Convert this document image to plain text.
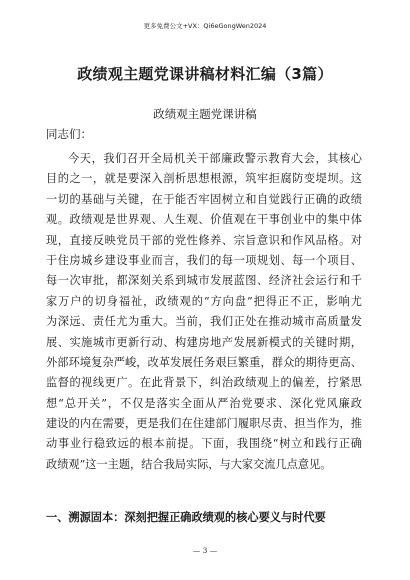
更多免费公文+VX：Qi6eGongWen2024
政绩观主题党课讲稿材料汇编（3篇）
政绩观主题党课讲稿
同志们：
今天，我们召开全局机关干部廉政警示教育大会，其核心
目的之一，就是要深入剖析思想根源，筑牢拒腐防变堤坝。这
一切的基础与关键，在于能否牢固树立和自觉践行正确的政绩
观。政绩观是世界观、人生观、价值观在干事创业中的集中体
现，直接反映党员干部的党性修养、宗旨意识和作风品格。对
于住房城乡建设事业而言，我们的每一项规划、每一个项目、
每一次审批，都深刻关系到城市发展蓝图、经济社会运行和千
家万户的切身福祉，政绩观的“方向盘”把得正不正，影响尤
为深远、责任尤为重大。当前，我们正处在推动城市高质量发
展、实施城市更新行动、构建房地产发展新模式的关键时期，
外部环境复杂严峻，改革发展任务艰巨繁重，群众的期待更高、
监督的视线更广。在此背景下，纠治政绩观上的偏差，拧紧思
想“总开关”，不仅是落实全面从严治党要求、深化党风廉政
建设的内在需要，更是我们在住建部门履职尽责、担当作为，推
动事业行稳致远的根本前提。下面，我围绕“树立和践行正确
政绩观”这一主题，结合我局实际，与大家交流几点意见。
一、溯源固本：深刻把握正确政绩观的核心要义与时代要
— 3 —
